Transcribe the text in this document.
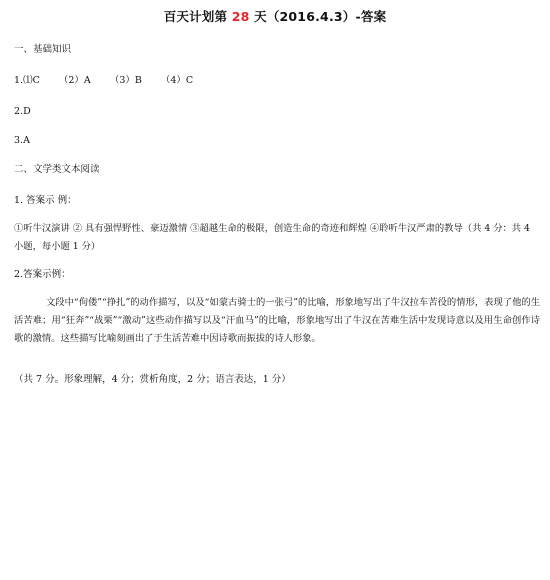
百天计划第 28 天（2016.4.3）-答案
一、基础知识
1.⑴C （2）A （3）B （4）C
2.D
3.A
二、文学类文本阅读
1. 答案示 例：
①听牛汉演讲 ② 具有强悍野性、豪迈激情 ③超越生命的极限，创造生命的奇迹和辉煌 ④聆听牛汉严肃的教导（共 4 分：共 4 小题，每小题 1 分）
2.答案示例：
文段中“佝偻”“挣扎”的动作描写，以及“如蒙古骑士的一张弓”的比喻，形象地写出了牛汉拉车苦役的情形，表现了他的生活苦难；用“狂奔”“战栗”“激动”这些动作描写以及“汗血马”的比喻，形象地写出了牛汉在苦难生活中发现诗意以及用生命创作诗歌的激情。这些描写比喻刻画出了于生活苦难中因诗歌而振拔的诗人形象。
（共 7 分。形象理解，4 分；赏析角度，2 分；语言表达，1 分）
